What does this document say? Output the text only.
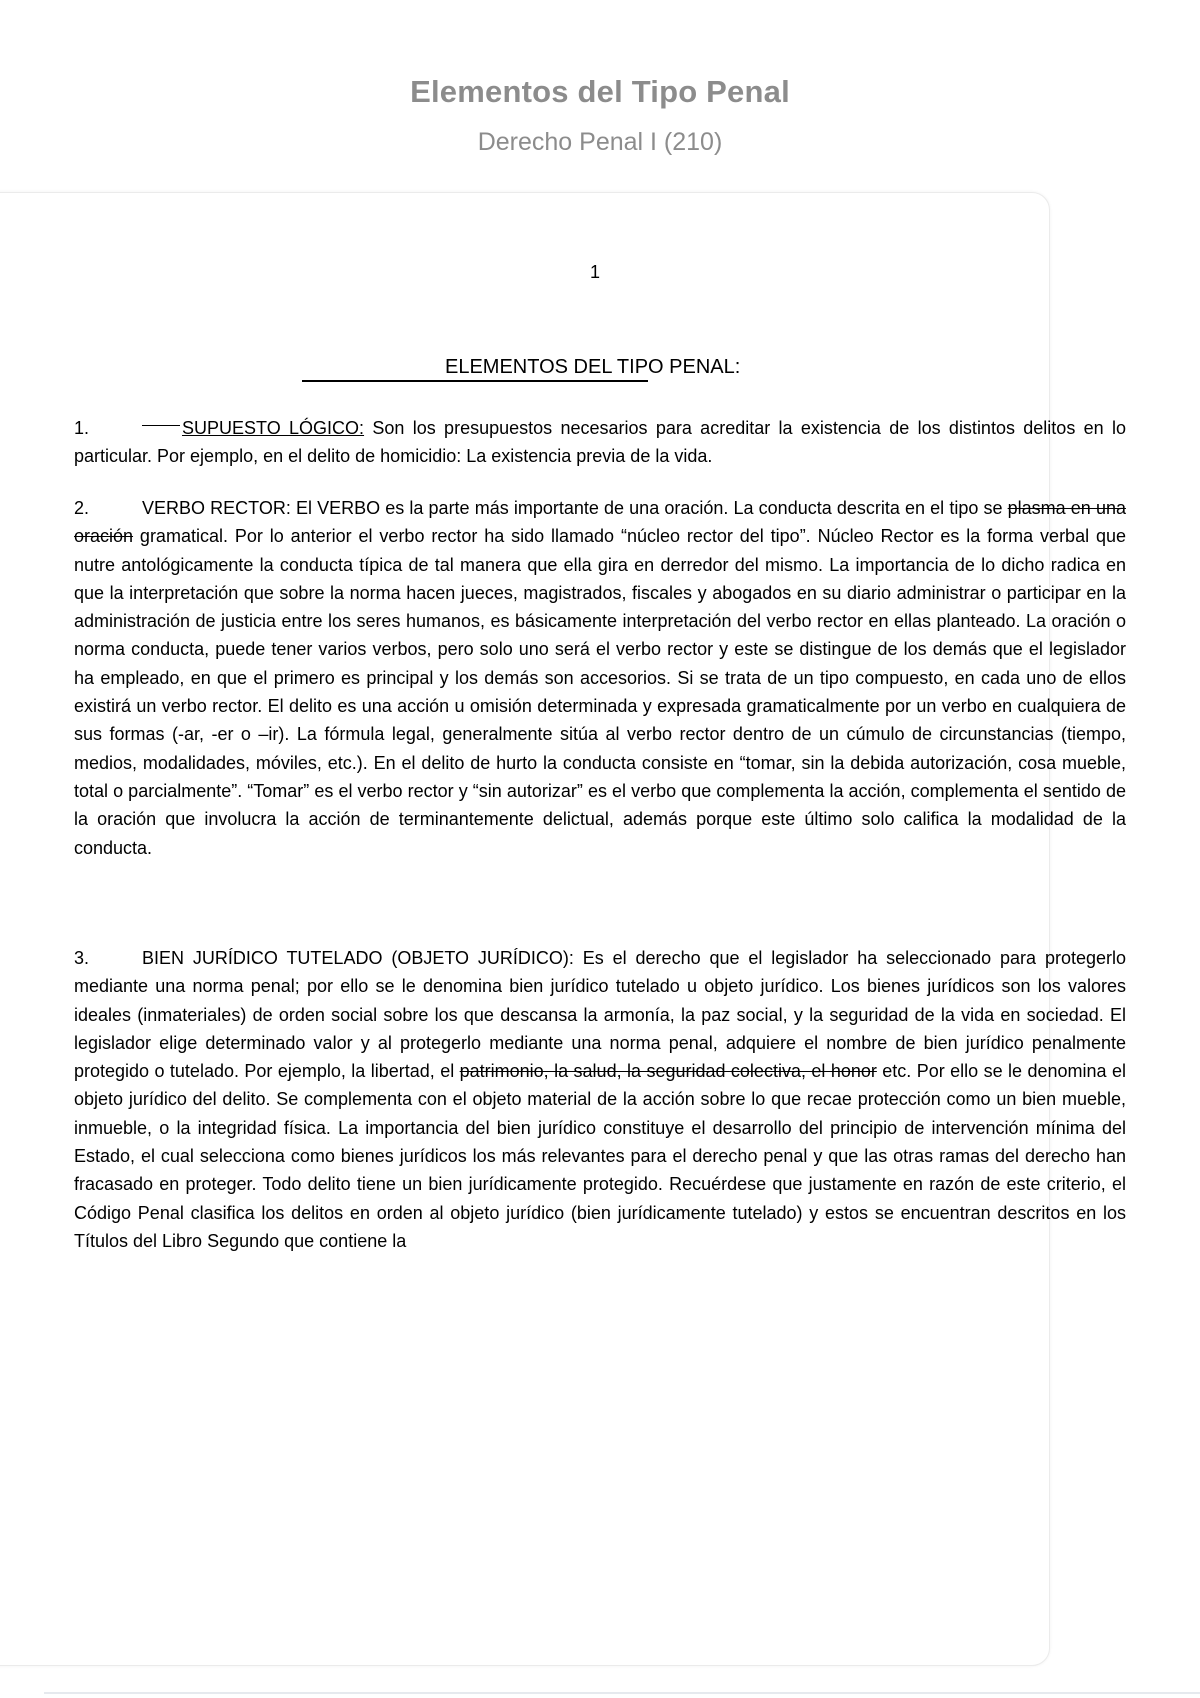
Elementos del Tipo Penal
Derecho Penal I (210)
1
ELEMENTOS DEL TIPO PENAL:
1.	SUPUESTO LÓGICO: Son los presupuestos necesarios para acreditar la existencia de los distintos delitos en lo particular. Por ejemplo, en el delito de homicidio: La existencia previa de la vida.
2.	VERBO RECTOR: El VERBO es la parte más importante de una oración. La conducta descrita en el tipo se plasma en una oración gramatical. Por lo anterior el verbo rector ha sido llamado “núcleo rector del tipo”. Núcleo Rector es la forma verbal que nutre antológicamente la conducta típica de tal manera que ella gira en derredor del mismo. La importancia de lo dicho radica en que la interpretación que sobre la norma hacen jueces, magistrados, fiscales y abogados en su diario administrar o participar en la administración de justicia entre los seres humanos, es básicamente interpretación del verbo rector en ellas planteado. La oración o norma conducta, puede tener varios verbos, pero solo uno será el verbo rector y este se distingue de los demás que el legislador ha empleado, en que el primero es principal y los demás son accesorios. Si se trata de un tipo compuesto, en cada uno de ellos existirá un verbo rector. El delito es una acción u omisión determinada y expresada gramaticalmente por un verbo en cualquiera de sus formas (-ar, -er o –ir). La fórmula legal, generalmente sitúa al verbo rector dentro de un cúmulo de circunstancias (tiempo, medios, modalidades, móviles, etc.). En el delito de hurto la conducta consiste en “tomar, sin la debida autorización, cosa mueble, total o parcialmente”. “Tomar” es el verbo rector y “sin autorizar” es el verbo que complementa la acción, complementa el sentido de la oración que involucra la acción de terminantemente delictual, además porque este último solo califica la modalidad de la conducta.
3.	BIEN JURÍDICO TUTELADO (OBJETO JURÍDICO): Es el derecho que el legislador ha seleccionado para protegerlo mediante una norma penal; por ello se le denomina bien jurídico tutelado u objeto jurídico. Los bienes jurídicos son los valores ideales (inmateriales) de orden social sobre los que descansa la armonía, la paz social, y la seguridad de la vida en sociedad. El legislador elige determinado valor y al protegerlo mediante una norma penal, adquiere el nombre de bien jurídico penalmente protegido o tutelado. Por ejemplo, la libertad, el patrimonio, la salud, la seguridad colectiva, el honor etc. Por ello se le denomina el objeto jurídico del delito. Se complementa con el objeto material de la acción sobre lo que recae protección como un bien mueble, inmueble, o la integridad física. La importancia del bien jurídico constituye el desarrollo del principio de intervención mínima del Estado, el cual selecciona como bienes jurídicos los más relevantes para el derecho penal y que las otras ramas del derecho han fracasado en proteger. Todo delito tiene un bien jurídicamente protegido. Recuérdese que justamente en razón de este criterio, el Código Penal clasifica los delitos en orden al objeto jurídico (bien jurídicamente tutelado) y estos se encuentran descritos en los Títulos del Libro Segundo que contiene la
